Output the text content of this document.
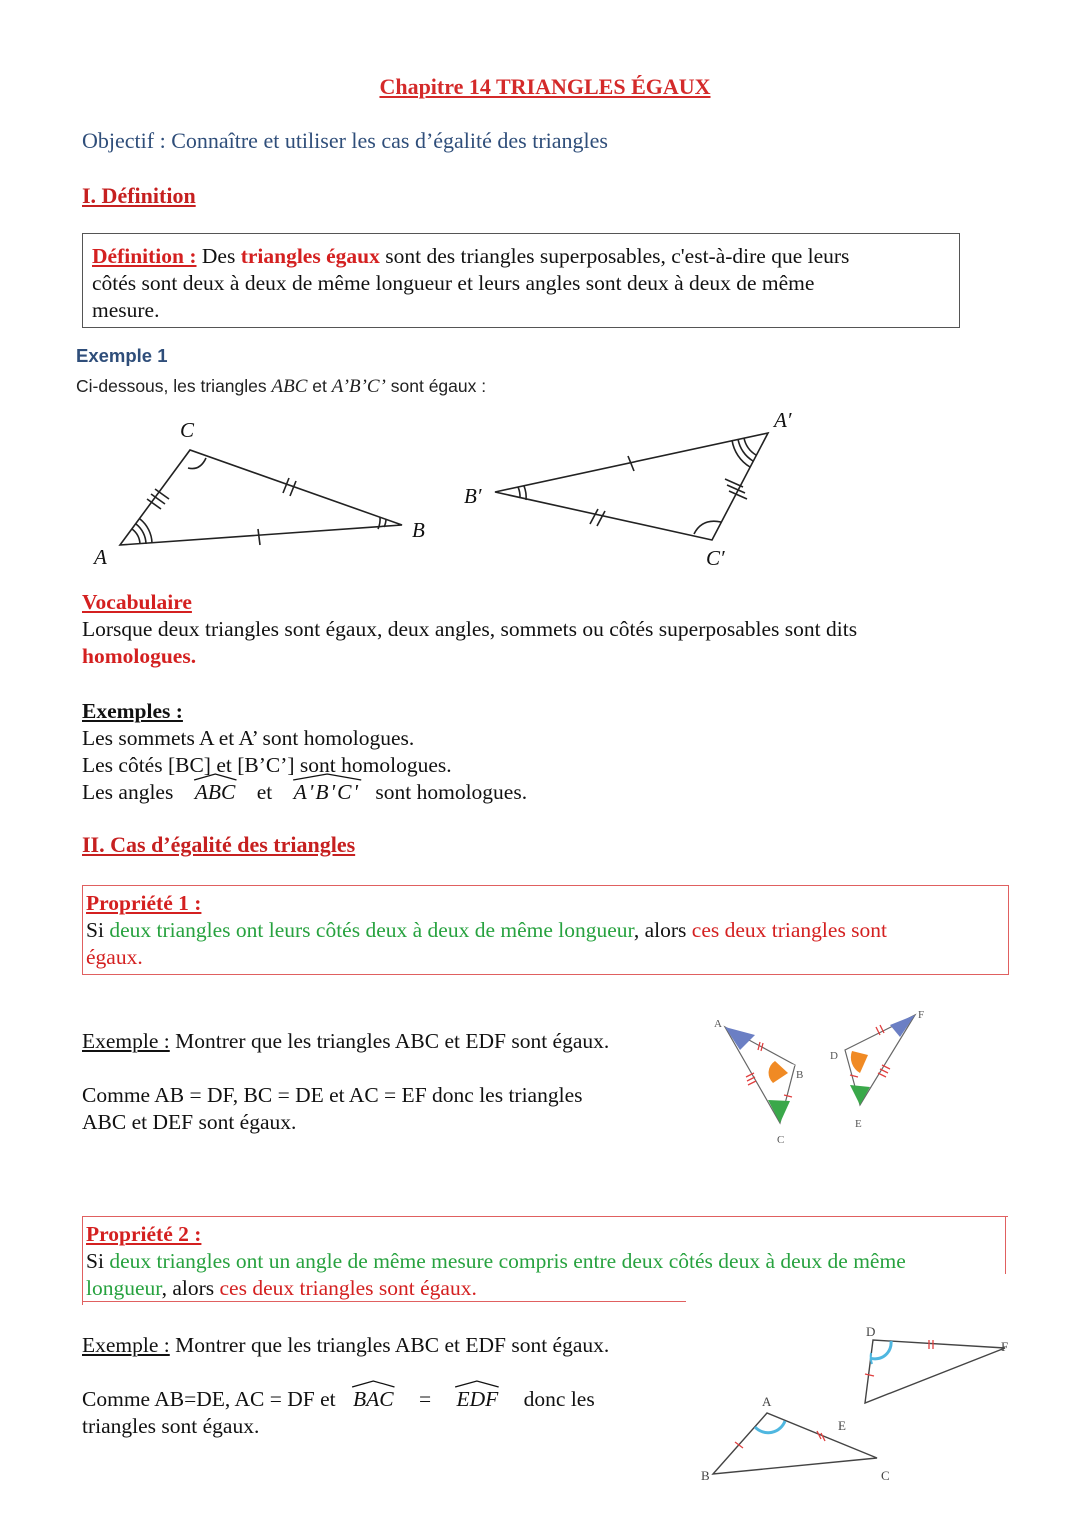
Chapitre 14 TRIANGLES ÉGAUX
Objectif : Connaître et utiliser les cas d’égalité des triangles
I. Définition
Définition : Des triangles égaux sont des triangles superposables, c'est-à-dire que leurs
côtés sont deux à deux de même longueur et leurs angles sont deux à deux de même
mesure.
Exemple 1
Ci-dessous, les triangles ABC et A’B’C’ sont égaux :
A
C
B
A′
B′
C′
Vocabulaire
Lorsque deux triangles sont égaux, deux angles, sommets ou côtés superposables sont dits
homologues.
Exemples :
Les sommets A et A’ sont homologues.
Les côtés [BC] et [B’C’] sont homologues.
Les angles
ABC et
A'B'C' sont homologues.
II. Cas d’égalité des triangles
Propriété 1 :
Si deux triangles ont leurs côtés deux à deux de même longueur, alors ces deux triangles sont
égaux.
Exemple : Montrer que les triangles ABC et EDF sont égaux.

Comme AB = DF, BC = DE et AC = EF donc les triangles
ABC et DEF sont égaux.
A
B
C
D
E
F
Propriété 2 :
Si deux triangles ont un angle de même mesure compris entre deux côtés deux à deux de même
longueur, alors ces deux triangles sont égaux.
Exemple : Montrer que les triangles ABC et EDF sont égaux.

Comme AB=DE, AC = DF et
BAC = EDF donc les
triangles sont égaux.
A
B	C
D
E
F
